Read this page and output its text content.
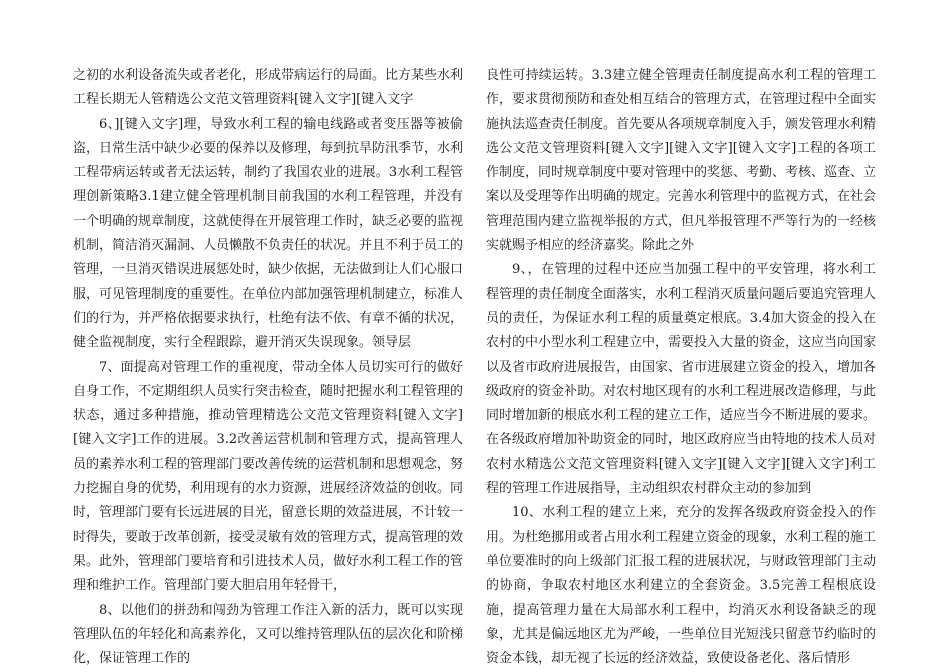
之初的水利设备流失或者老化，形成带病运行的局面。比方某些水利工程长期无人管精选公文范文管理资料[键入文字][键入文字

6、][键入文字]理，导致水利工程的输电线路或者变压器等被偷盗，日常生活中缺少必要的保养以及修理，每到抗旱防汛季节，水利工程带病运转或者无法运转，制约了我国农业的进展。3水利工程管理创新策略3.1建立健全管理机制目前我国的水利工程管理，并没有一个明确的规章制度，这就使得在开展管理工作时，缺乏必要的监视机制，简洁消灭漏洞、人员懒散不负责任的状况。并且不利于员工的管理，一旦消灭错误进展惩处时，缺少依据，无法做到让人们心服口服，可见管理制度的重要性。在单位内部加强管理机制建立，标准人们的行为，并严格依据要求执行，杜绝有法不依、有章不循的状况，健全监视制度，实行全程跟踪，避开消灭失误现象。领导层

7、面提高对管理工作的重视度，带动全体人员切实可行的做好自身工作，不定期组织人员实行突击检查，随时把握水利工程管理的状态，通过多种措施，推动管理精选公文范文管理资料[键入文字][键入文字]工作的进展。3.2改善运营机制和管理方式，提高管理人员的素养水利工程的管理部门要改善传统的运营机制和思想观念，努力挖掘自身的优势，利用现有的水力资源，进展经济效益的创收。同时，管理部门要有长远进展的目光，留意长期的效益进展，不计较一时得失，要敢于改革创新，接受灵敏有效的管理方式，提高管理的效果。此外，管理部门要培育和引进技术人员，做好水利工程工作的管理和维护工作。管理部门要大胆启用年轻骨干，

8、以他们的拼劲和闯劲为管理工作注入新的活力，既可以实现管理队伍的年轻化和高素养化，又可以维持管理队伍的层次化和阶梯化，保证管理工作的

良性可持续运转。3.3建立健全管理责任制度提高水利工程的管理工作，要求贯彻预防和查处相互结合的管理方式，在管理过程中全面实施执法巡查责任制度。首先要从各项规章制度入手，颁发管理水利精选公文范文管理资料[键入文字][键入文字][键入文字]工程的各项工作制度，同时规章制度中要对管理中的奖惩、考勤、考核、巡查、立案以及受理等作出明确的规定。完善水利管理中的监视方式，在社会管理范围内建立监视举报的方式，但凡举报管理不严等行为的一经核实就赐予相应的经济嘉奖。除此之外

9、，在管理的过程中还应当加强工程中的平安管理，将水利工程管理的责任制度全面落实，水利工程消灭质量问题后要追究管理人员的责任，为保证水利工程的质量奠定根底。3.4加大资金的投入在农村的中小型水利工程建立中，需要投入大量的资金，这应当向国家以及省市政府进展报告，由国家、省市进展建立资金的投入，增加各级政府的资金补助。对农村地区现有的水利工程进展改造修理，与此同时增加新的根底水利工程的建立工作，适应当今不断进展的要求。在各级政府增加补助资金的同时，地区政府应当由特地的技术人员对农村水精选公文范文管理资料[键入文字][键入文字][键入文字]利工程的管理工作进展指导，主动组织农村群众主动的参加到

10、水利工程的建立上来，充分的发挥各级政府资金投入的作用。为杜绝挪用或者占用水利工程建立资金的现象，水利工程的施工单位要准时的向上级部门汇报工程的进展状况，与财政管理部门主动的协商，争取农村地区水利建立的全套资金。3.5完善工程根底设施，提高管理力量在大局部水利工程中，均消灭水利设备缺乏的现象，尤其是偏远地区尤为严峻，一些单位目光短浅只留意节约临时的资金本钱，却无视了长远的经济效益，致使设备老化、落后情形
